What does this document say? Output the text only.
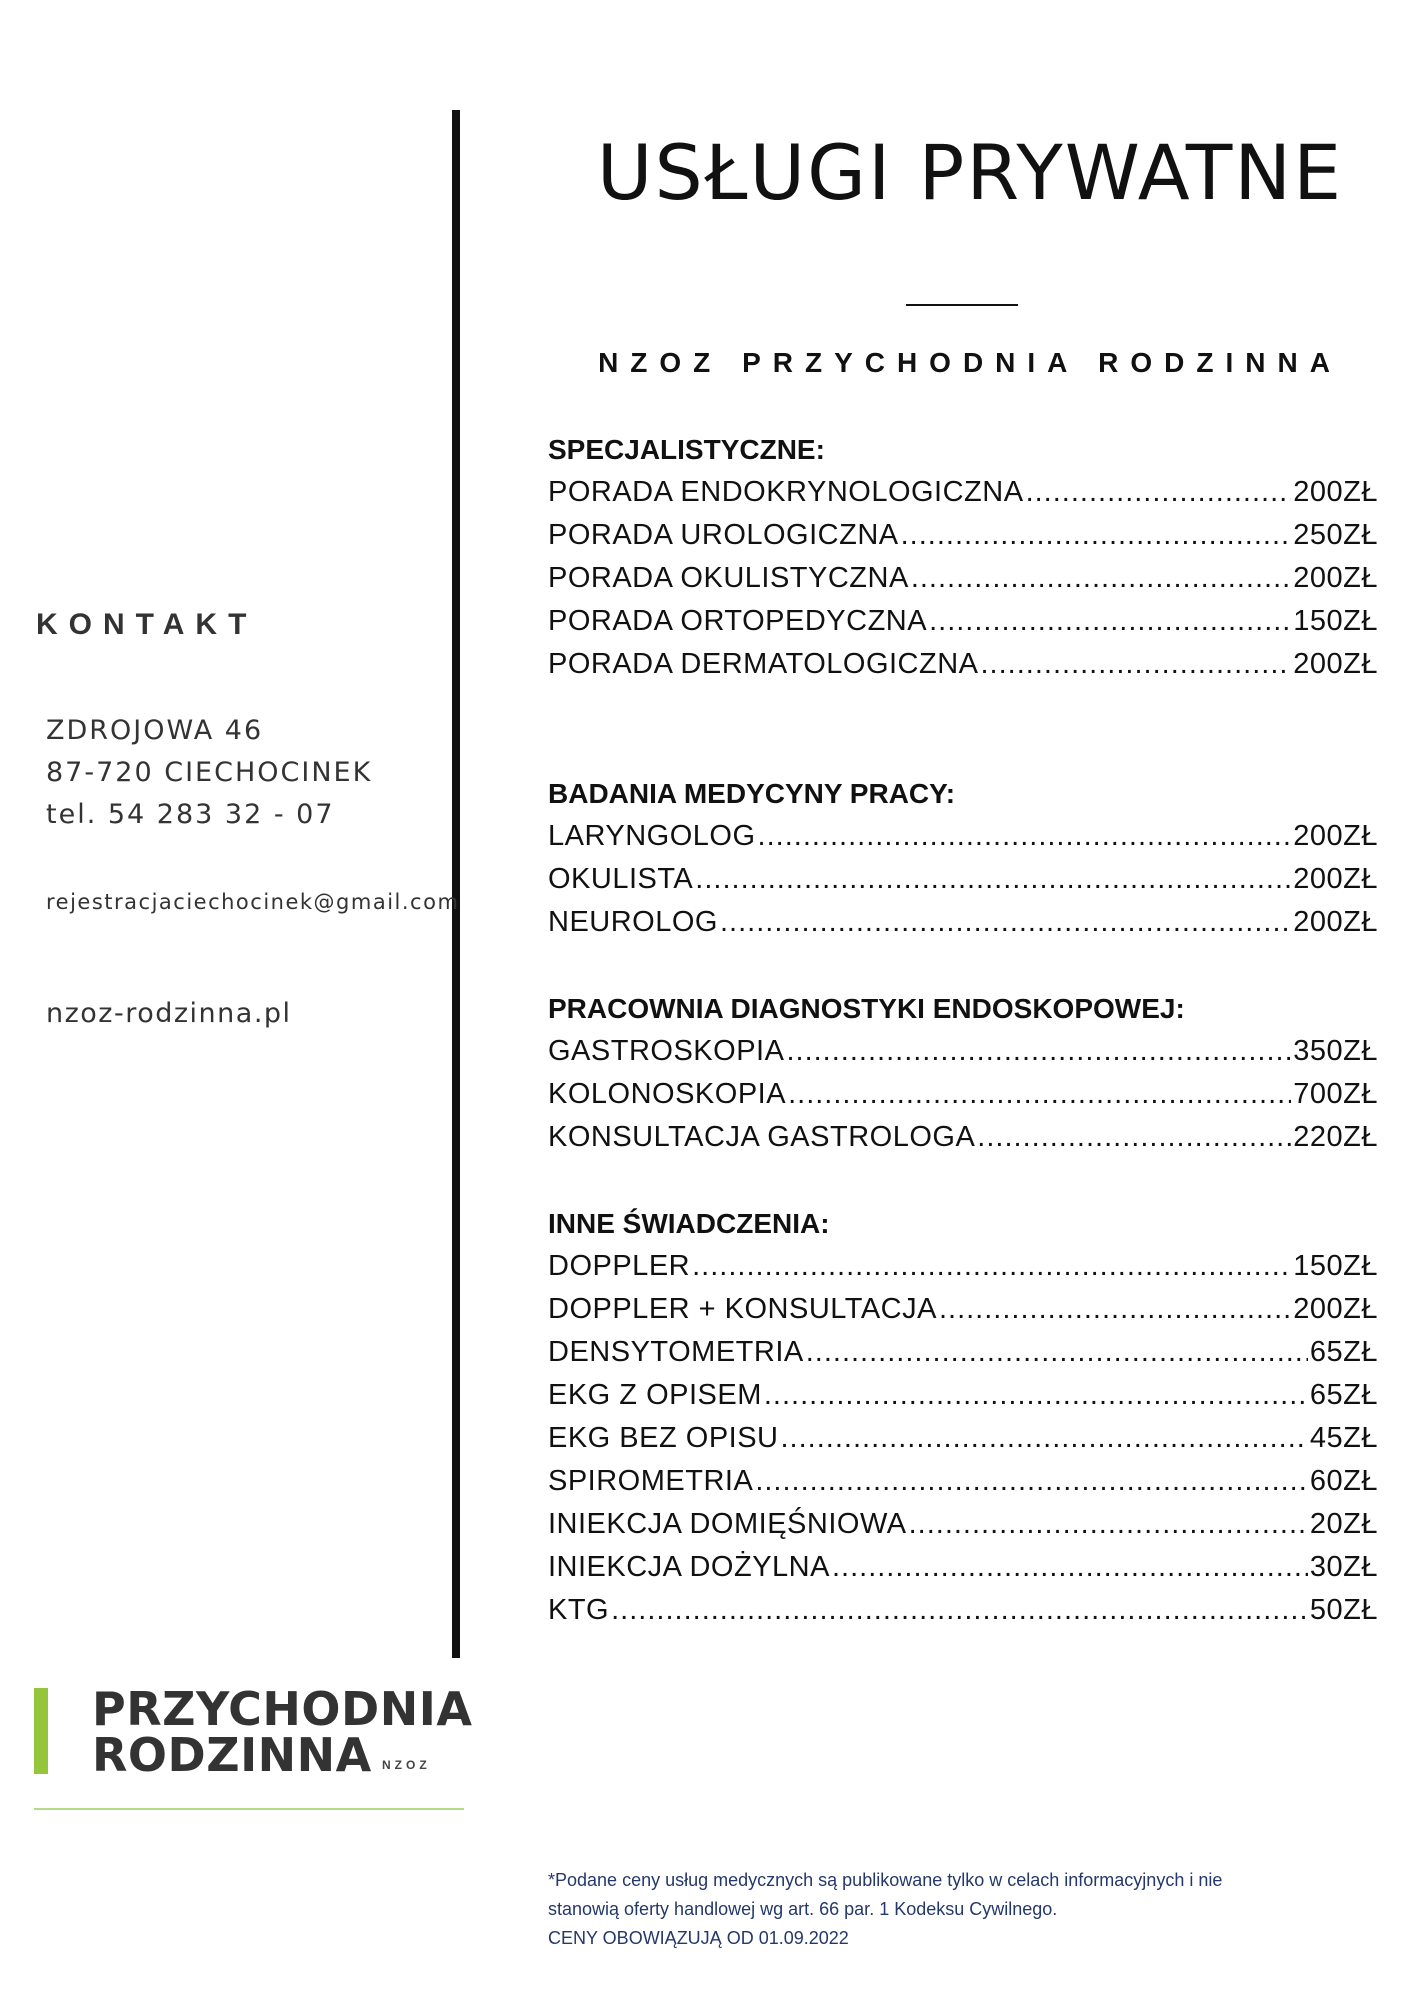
USŁUGI PRYWATNE
NZOZ PRZYCHODNIA RODZINNA
SPECJALISTYCZNE:
PORADA ENDOKRYNOLOGICZNA .....	200ZŁ
PORADA UROLOGICZNA .....	250ZŁ
PORADA OKULISTYCZNA .....	200ZŁ
PORADA ORTOPEDYCZNA .....	150ZŁ
PORADA DERMATOLOGICZNA .....	200ZŁ
BADANIA MEDYCYNY PRACY:
LARYNGOLOG .....	200ZŁ
OKULISTA .....	200ZŁ
NEUROLOG .....	200ZŁ
PRACOWNIA DIAGNOSTYKI ENDOSKOPOWEJ:
GASTROSKOPIA .....	350ZŁ
KOLONOSKOPIA .....	700ZŁ
KONSULTACJA GASTROLOGA .....	220ZŁ
INNE ŚWIADCZENIA:
DOPPLER .....	150ZŁ
DOPPLER + KONSULTACJA .....	200ZŁ
DENSYTOMETRIA .....	65ZŁ
EKG Z OPISEM .....	65ZŁ
EKG BEZ OPISU .....	45ZŁ
SPIROMETRIA .....	60ZŁ
INIEKCJA DOMIĘŚNIOWA .....	20ZŁ
INIEKCJA DOŻYLNA .....	30ZŁ
KTG .....	50ZŁ
KONTAKT
ZDROJOWA 46
87-720 CIECHOCINEK
tel. 54 283 32 - 07
rejestracjaciechocinek@gmail.com
nzoz-rodzinna.pl
PRZYCHODNIA
RODZINNA NZOZ
*Podane ceny usług medycznych są publikowane tylko w celach informacyjnych i nie
stanowią oferty handlowej wg art. 66 par. 1 Kodeksu Cywilnego.
CENY OBOWIĄZUJĄ OD 01.09.2022
